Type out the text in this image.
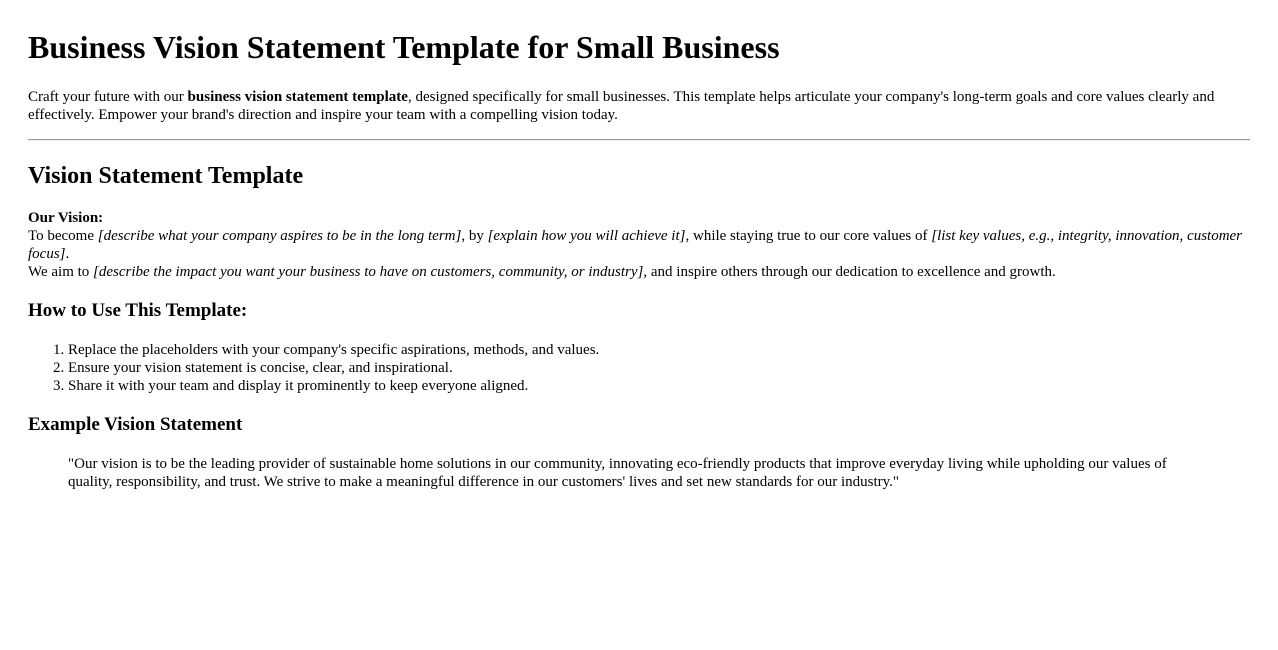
Business Vision Statement Template for Small Business

Craft your future with our business vision statement template, designed specifically for small businesses. This template helps articulate your company's long-term goals and core values clearly and effectively. Empower your brand's direction and inspire your team with a compelling vision today.

Vision Statement Template

Our Vision:
To become [describe what your company aspires to be in the long term], by [explain how you will achieve it], while staying true to our core values of [list key values, e.g., integrity, innovation, customer focus].
We aim to [describe the impact you want your business to have on customers, community, or industry], and inspire others through our dedication to excellence and growth.

How to Use This Template:
1. Replace the placeholders with your company's specific aspirations, methods, and values.
2. Ensure your vision statement is concise, clear, and inspirational.
3. Share it with your team and display it prominently to keep everyone aligned.
Example Vision Statement
"Our vision is to be the leading provider of sustainable home solutions in our community, innovating eco-friendly products that improve everyday living while upholding our values of quality, responsibility, and trust. We strive to make a meaningful difference in our customers' lives and set new standards for our industry."
